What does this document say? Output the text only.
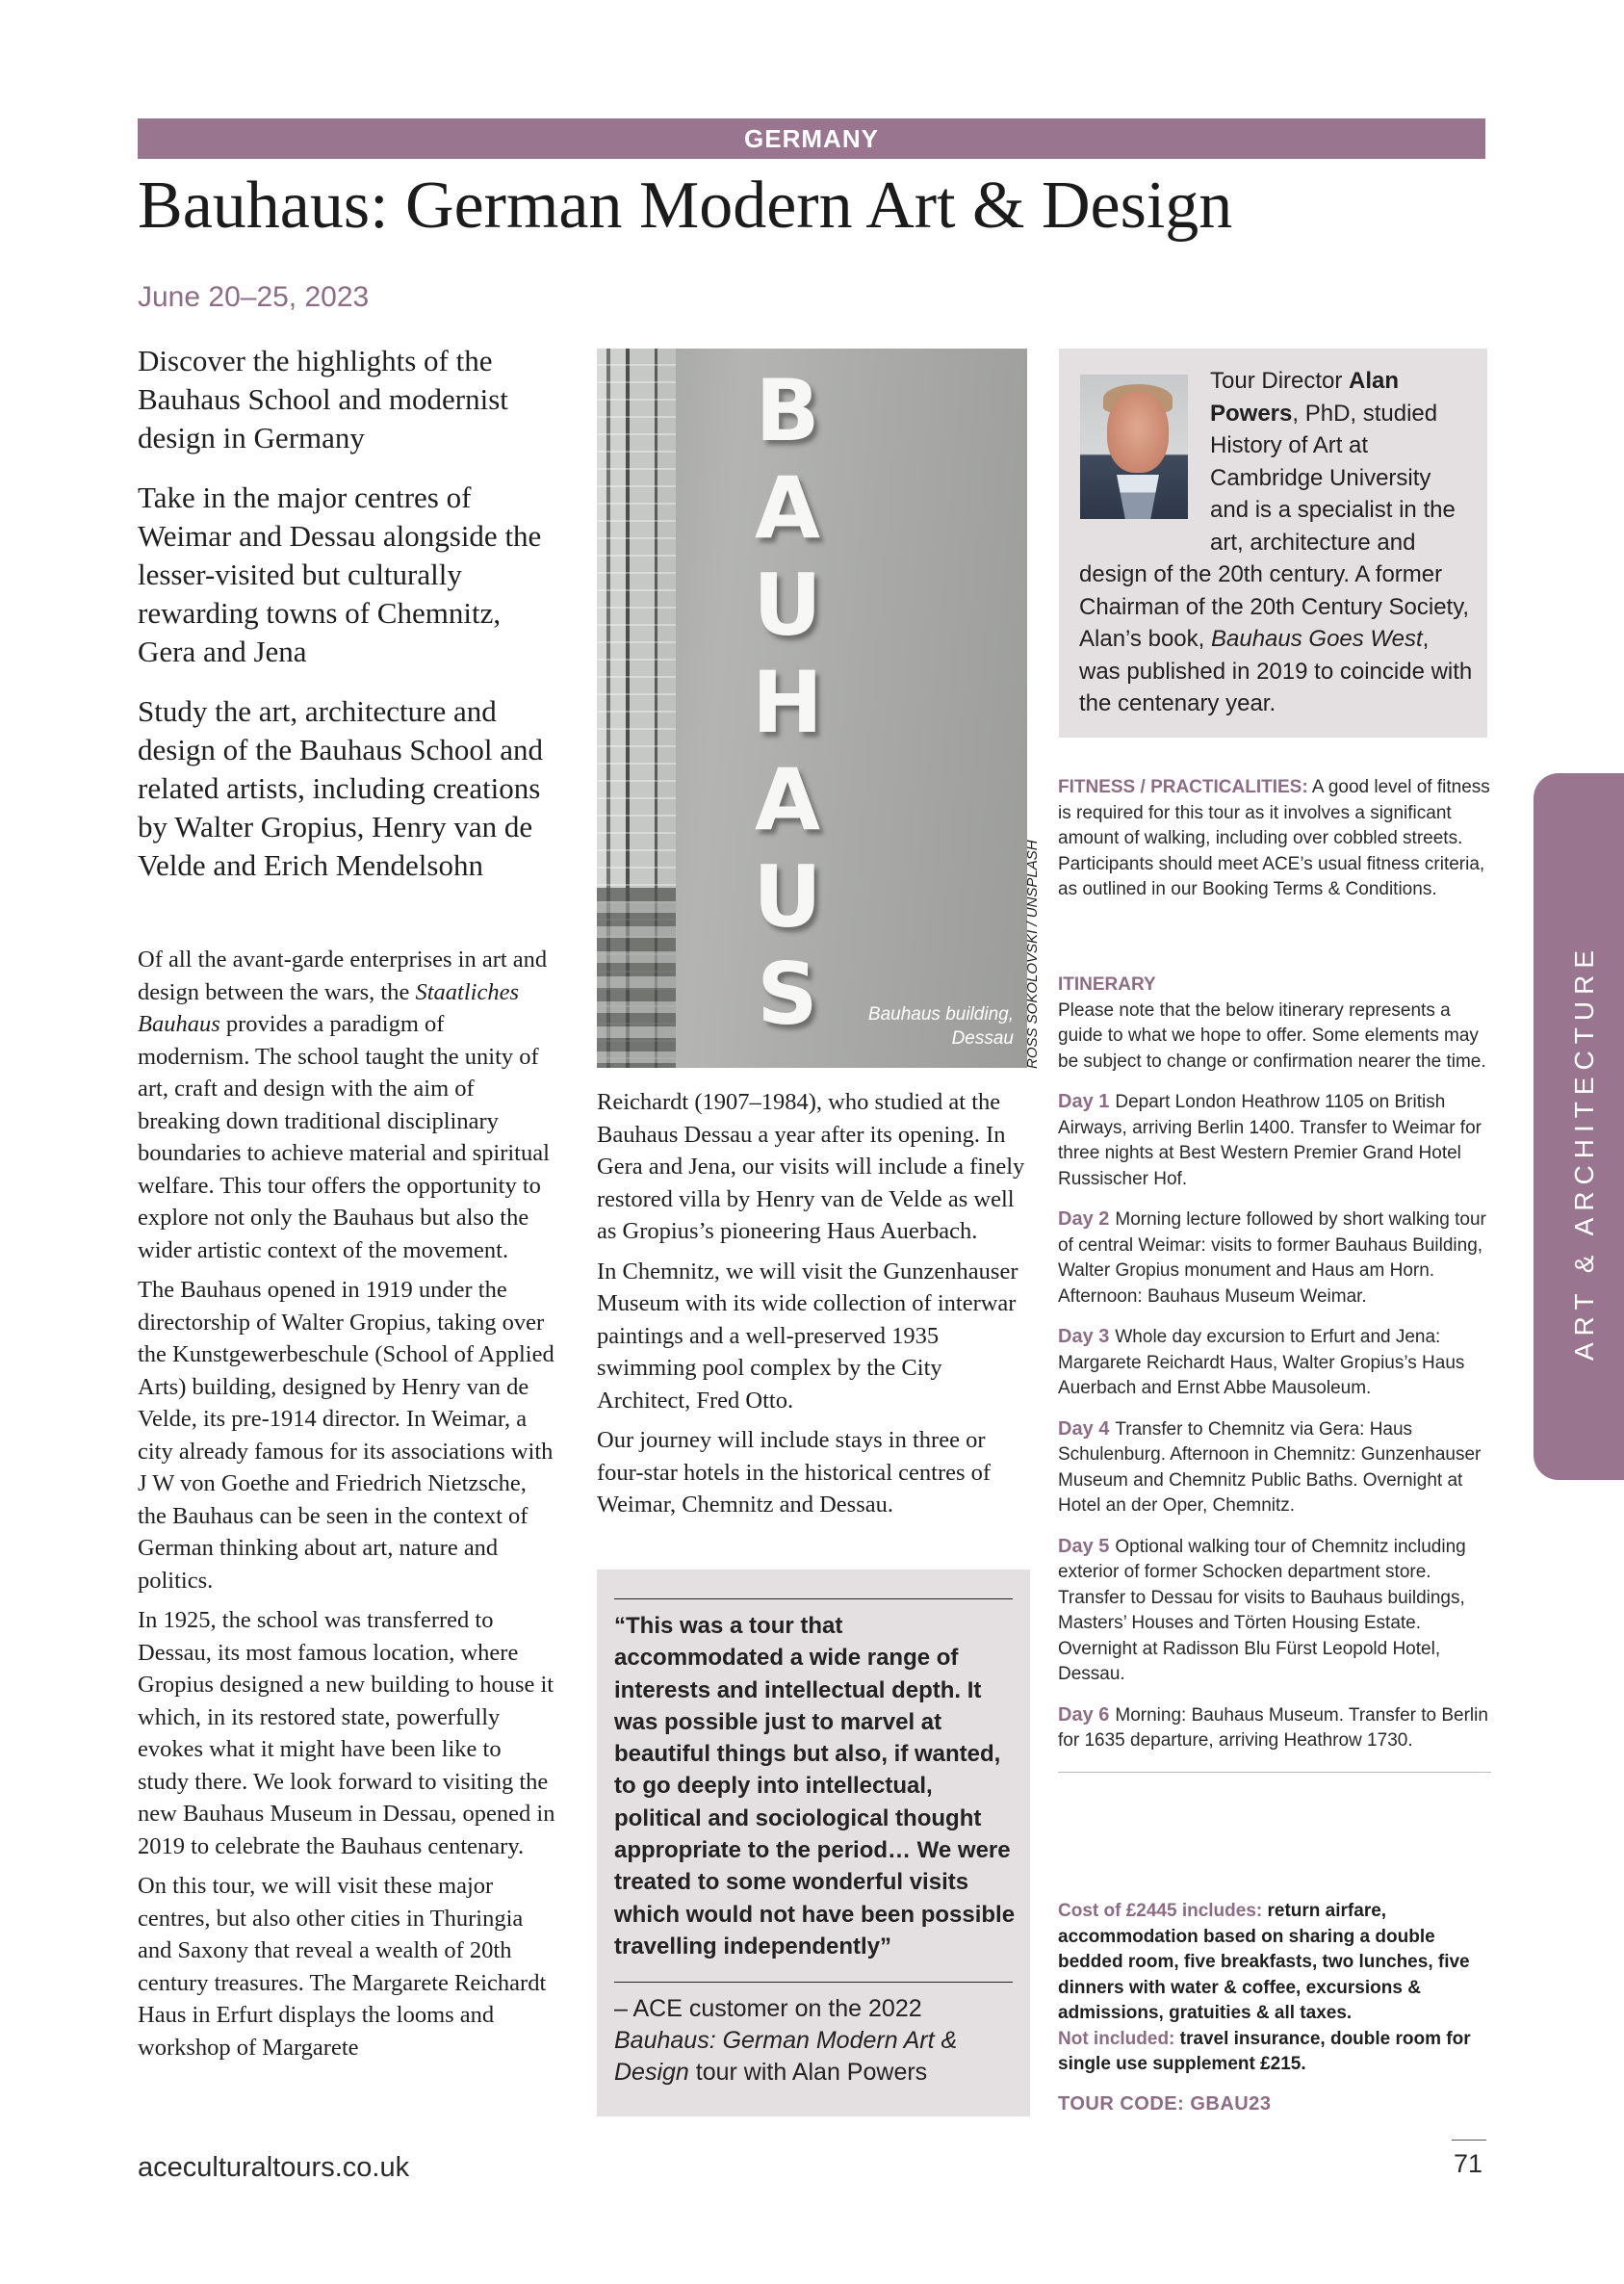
GERMANY
Bauhaus: German Modern Art & Design
June 20–25, 2023

Discover the highlights of the Bauhaus School and modernist design in Germany

Take in the major centres of Weimar and Dessau alongside the lesser-visited but culturally rewarding towns of Chemnitz, Gera and Jena

Study the art, architecture and design of the Bauhaus School and related artists, including creations by Walter Gropius, Henry van de Velde and Erich Mendelsohn

Of all the avant-garde enterprises in art and design between the wars, the Staatliches Bauhaus provides a paradigm of modernism. The school taught the unity of art, craft and design with the aim of breaking down traditional disciplinary boundaries to achieve material and spiritual welfare. This tour offers the opportunity to explore not only the Bauhaus but also the wider artistic context of the movement.

The Bauhaus opened in 1919 under the directorship of Walter Gropius, taking over the Kunstgewerbeschule (School of Applied Arts) building, designed by Henry van de Velde, its pre-1914 director. In Weimar, a city already famous for its associations with J W von Goethe and Friedrich Nietzsche, the Bauhaus can be seen in the context of German thinking about art, nature and politics.

In 1925, the school was transferred to Dessau, its most famous location, where Gropius designed a new building to house it which, in its restored state, powerfully evokes what it might have been like to study there. We look forward to visiting the new Bauhaus Museum in Dessau, opened in 2019 to celebrate the Bauhaus centenary.

On this tour, we will visit these major centres, but also other cities in Thuringia and Saxony that reveal a wealth of 20th century treasures. The Margarete Reichardt Haus in Erfurt displays the looms and workshop of Margarete

B
A
U
H
A
U
S	Bauhaus building,
Dessau ROSS SOKOLOVSKI / UNSPLASH

Reichardt (1907–1984), who studied at the Bauhaus Dessau a year after its opening. In Gera and Jena, our visits will include a finely restored villa by Henry van de Velde as well as Gropius’s pioneering Haus Auerbach.

In Chemnitz, we will visit the Gunzenhauser Museum with its wide collection of interwar paintings and a well-preserved 1935 swimming pool complex by the City Architect, Fred Otto.

Our journey will include stays in three or four-star hotels in the historical centres of Weimar, Chemnitz and Dessau.

“This was a tour that accommodated a wide range of interests and intellectual depth. It was possible just to marvel at beautiful things but also, if wanted, to go deeply into intellectual, political and sociological thought appropriate to the period… We were treated to some wonderful visits which would not have been possible travelling independently”
– ACE customer on the 2022 Bauhaus: German Modern Art & Design tour with Alan Powers
Tour Director Alan Powers, PhD, studied History of Art at Cambridge University and is a specialist in the art, architecture and design of the 20th century. A former Chairman of the 20th Century Society, Alan’s book, Bauhaus Goes West, was published in 2019 to coincide with the centenary year.
FITNESS / PRACTICALITIES: A good level of fitness is required for this tour as it involves a significant amount of walking, including over cobbled streets. Participants should meet ACE’s usual fitness criteria, as outlined in our Booking Terms & Conditions.
ITINERARY

Please note that the below itinerary represents a guide to what we hope to offer. Some elements may be subject to change or confirmation nearer the time.

Day 1 Depart London Heathrow 1105 on British Airways, arriving Berlin 1400. Transfer to Weimar for three nights at Best Western Premier Grand Hotel Russischer Hof.

Day 2 Morning lecture followed by short walking tour of central Weimar: visits to former Bauhaus Building, Walter Gropius monument and Haus am Horn. Afternoon: Bauhaus Museum Weimar.

Day 3 Whole day excursion to Erfurt and Jena: Margarete Reichardt Haus, Walter Gropius’s Haus Auerbach and Ernst Abbe Mausoleum.

Day 4 Transfer to Chemnitz via Gera: Haus Schulenburg. Afternoon in Chemnitz: Gunzenhauser Museum and Chemnitz Public Baths. Overnight at Hotel an der Oper, Chemnitz.

Day 5 Optional walking tour of Chemnitz including exterior of former Schocken department store. Transfer to Dessau for visits to Bauhaus buildings, Masters’ Houses and Törten Housing Estate. Overnight at Radisson Blu Fürst Leopold Hotel, Dessau.

Day 6 Morning: Bauhaus Museum. Transfer to Berlin for 1635 departure, arriving Heathrow 1730.

Cost of £2445 includes: return airfare, accommodation based on sharing a double bedded room, five breakfasts, two lunches, five dinners with water & coffee, excursions & admissions, gratuities & all taxes.
Not included: travel insurance, double room for single use supplement £215.
TOUR CODE: GBAU23
ART & ARCHITECTURE
aceculturaltours.co.uk	71
